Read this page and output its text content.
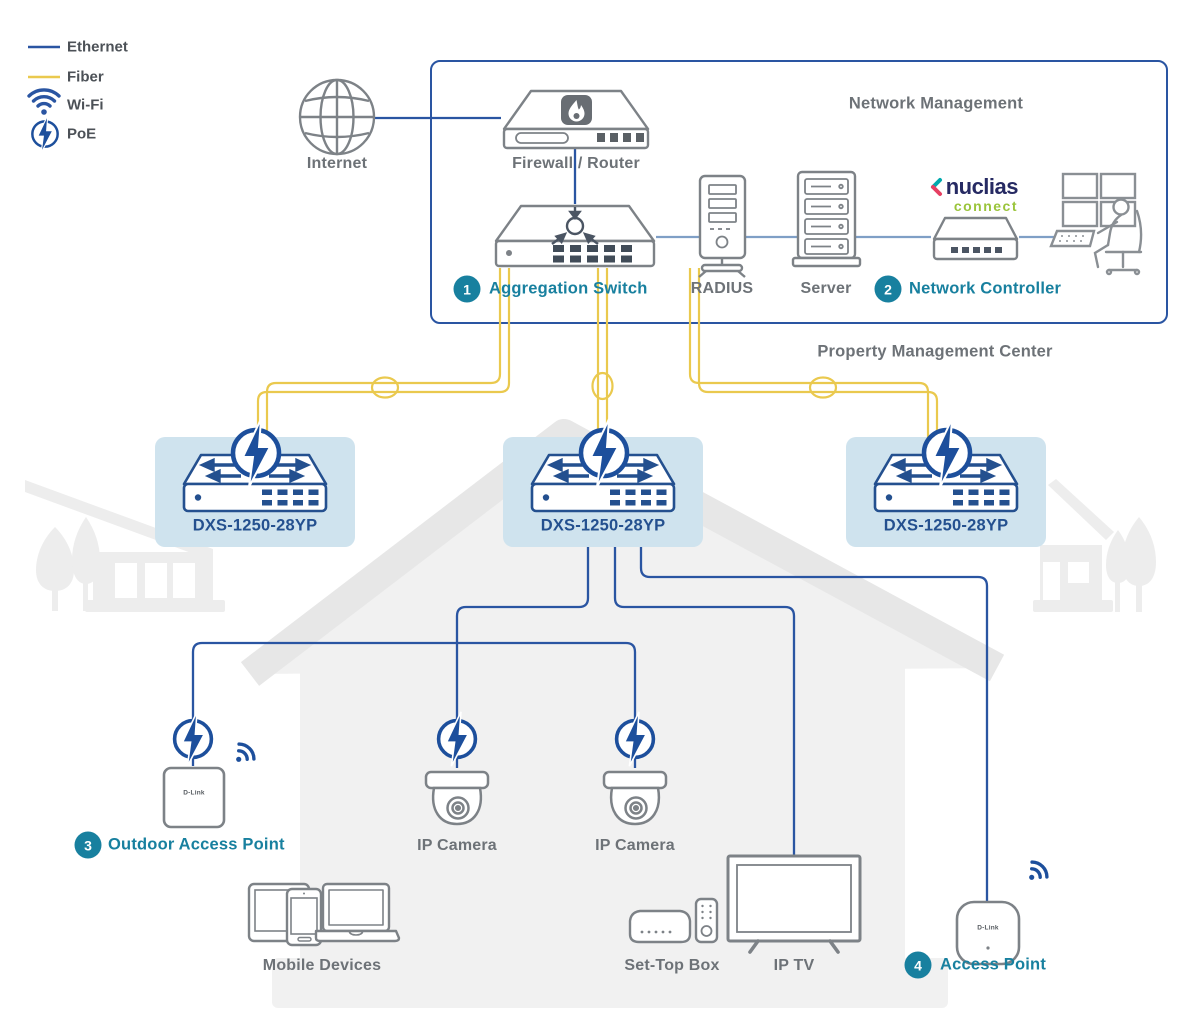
Ethernet
Fiber
Wi-Fi
PoE
Network Management
Property Management Center
Internet	Firewall / Router
RADIUS	Server
1	Aggregation Switch	2	Network Controller
nuclias
connect
DXS-1250-28YP	DXS-1250-28YP	DXS-1250-28YP
3 Outdoor Access Point
D-Link
IP Camera	IP Camera
Mobile Devices	Set-Top Box	IP TV	4	Access Point
D-Link
